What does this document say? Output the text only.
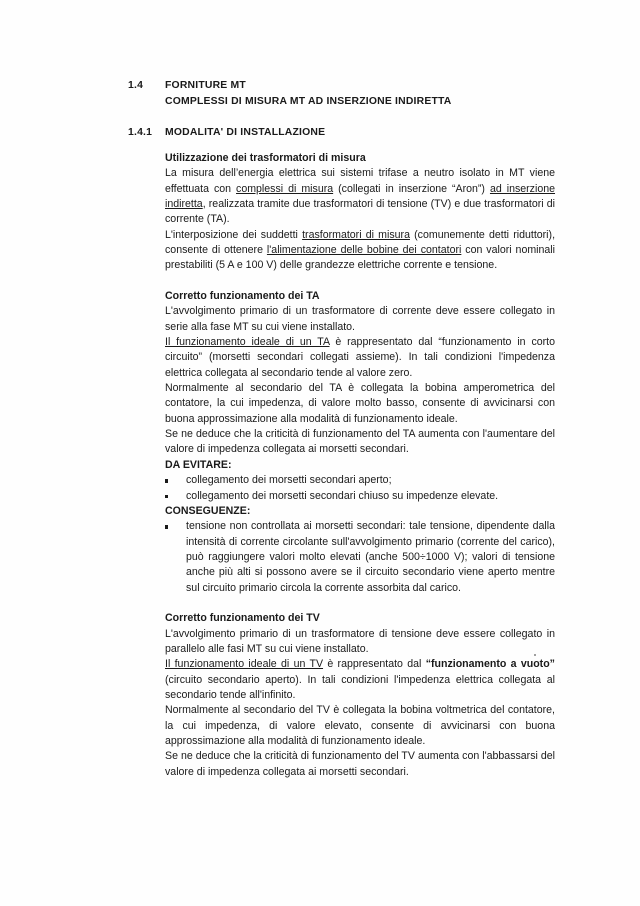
1.4	FORNITURE MT
COMPLESSI DI MISURA MT AD INSERZIONE INDIRETTA
1.4.1	MODALITA' DI INSTALLAZIONE

Utilizzazione dei trasformatori di misura

La misura dell’energia elettrica sui sistemi trifase a neutro isolato in MT viene effettuata con complessi di misura (collegati in inserzione “Aron”) ad inserzione indiretta, realizzata tramite due trasformatori di tensione (TV) e due trasformatori di corrente (TA).

L'interposizione dei suddetti trasformatori di misura (comunemente detti riduttori), consente di ottenere l'alimentazione delle bobine dei contatori con valori nominali prestabiliti (5 A e 100 V) delle grandezze elettriche corrente e tensione.

Corretto funzionamento dei TA

L'avvolgimento primario di un trasformatore di corrente deve essere collegato in serie alla fase MT su cui viene installato.

Il funzionamento ideale di un TA è rappresentato dal “funzionamento in corto circuito” (morsetti secondari collegati assieme). In tali condizioni l'impedenza elettrica collegata al secondario tende al valore zero.

Normalmente al secondario del TA è collegata la bobina amperometrica del contatore, la cui impedenza, di valore molto basso, consente di avvicinarsi con buona approssimazione alla modalità di funzionamento ideale.

Se ne deduce che la criticità di funzionamento del TA aumenta con l'aumentare del valore di impedenza collegata ai morsetti secondari.

DA EVITARE:

collegamento dei morsetti secondari aperto;
collegamento dei morsetti secondari chiuso su impedenze elevate.

CONSEGUENZE:

tensione non controllata ai morsetti secondari: tale tensione, dipendente dalla intensità di corrente circolante sull'avvolgimento primario (corrente del carico), può raggiungere valori molto elevati (anche 500÷1000 V); valori di tensione anche più alti si possono avere se il circuito secondario viene aperto mentre sul circuito primario circola la corrente assorbita dal carico.

Corretto funzionamento dei TV

L'avvolgimento primario di un trasformatore di tensione deve essere collegato in parallelo alle fasi MT su cui viene installato.

Il funzionamento ideale di un TV è rappresentato dal “funzionamento a vuoto” (circuito secondario aperto). In tali condizioni l'impedenza elettrica collegata al secondario tende all'infinito.

Normalmente al secondario del TV è collegata la bobina voltmetrica del contatore, la cui impedenza, di valore elevato, consente di avvicinarsi con buona approssimazione alla modalità di funzionamento ideale.

Se ne deduce che la criticità di funzionamento del TV aumenta con l'abbassarsi del valore di impedenza collegata ai morsetti secondari.
